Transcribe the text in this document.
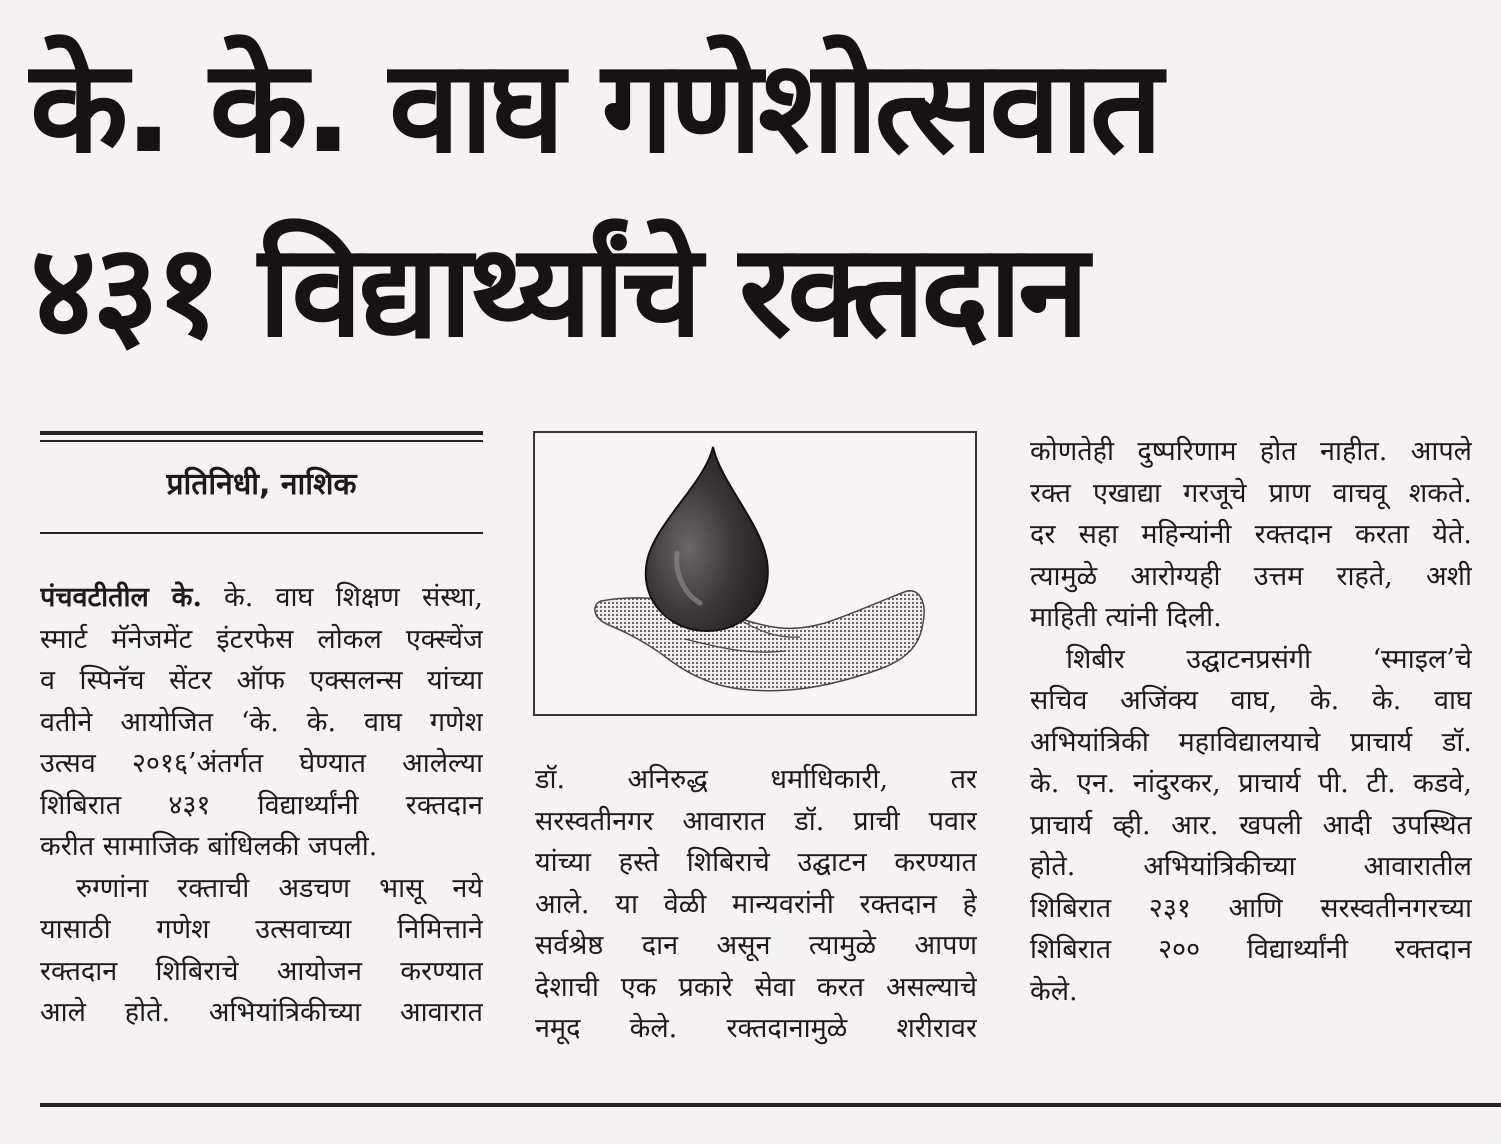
के. के. वाघ गणेशोत्सवात
४३१ विद्यार्थ्यांचे रक्तदान
प्रतिनिधी, नाशिक
पंचवटीतील के. के. वाघ शिक्षण संस्था,
स्मार्ट मॅनेजमेंट इंटरफेस लोकल एक्स्चेंज
व स्पिनॅच सेंटर ऑफ एक्सलन्स यांच्या
वतीने आयोजित ‘के. के. वाघ गणेश
उत्सव २०१६’अंतर्गत घेण्यात आलेल्या
शिबिरात ४३१ विद्यार्थ्यांनी रक्तदान
करीत सामाजिक बांधिलकी जपली.
रुग्णांना रक्ताची अडचण भासू नये
यासाठी गणेश उत्सवाच्या निमित्ताने
रक्तदान शिबिराचे आयोजन करण्यात
आले होते. अभियांत्रिकीच्या आवारात
डॉ. अनिरुद्ध धर्माधिकारी, तर
सरस्वतीनगर आवारात डॉ. प्राची पवार
यांच्या हस्ते शिबिराचे उद्घाटन करण्यात
आले. या वेळी मान्यवरांनी रक्तदान हे
सर्वश्रेष्ठ दान असून त्यामुळे आपण
देशाची एक प्रकारे सेवा करत असल्याचे
नमूद केले. रक्तदानामुळे शरीरावर
कोणतेही दुष्परिणाम होत नाहीत. आपले
रक्त एखाद्या गरजूचे प्राण वाचवू शकते.
दर सहा महिन्यांनी रक्तदान करता येते.
त्यामुळे आरोग्यही उत्तम राहते, अशी
माहिती त्यांनी दिली.
शिबीर उद्घाटनप्रसंगी ‘स्माइल’चे
सचिव अजिंक्य वाघ, के. के. वाघ
अभियांत्रिकी महाविद्यालयाचे प्राचार्य डॉ.
के. एन. नांदुरकर, प्राचार्य पी. टी. कडवे,
प्राचार्य व्ही. आर. खपली आदी उपस्थित
होते. अभियांत्रिकीच्या आवारातील
शिबिरात २३१ आणि सरस्वतीनगरच्या
शिबिरात २०० विद्यार्थ्यांनी रक्तदान
केले.
